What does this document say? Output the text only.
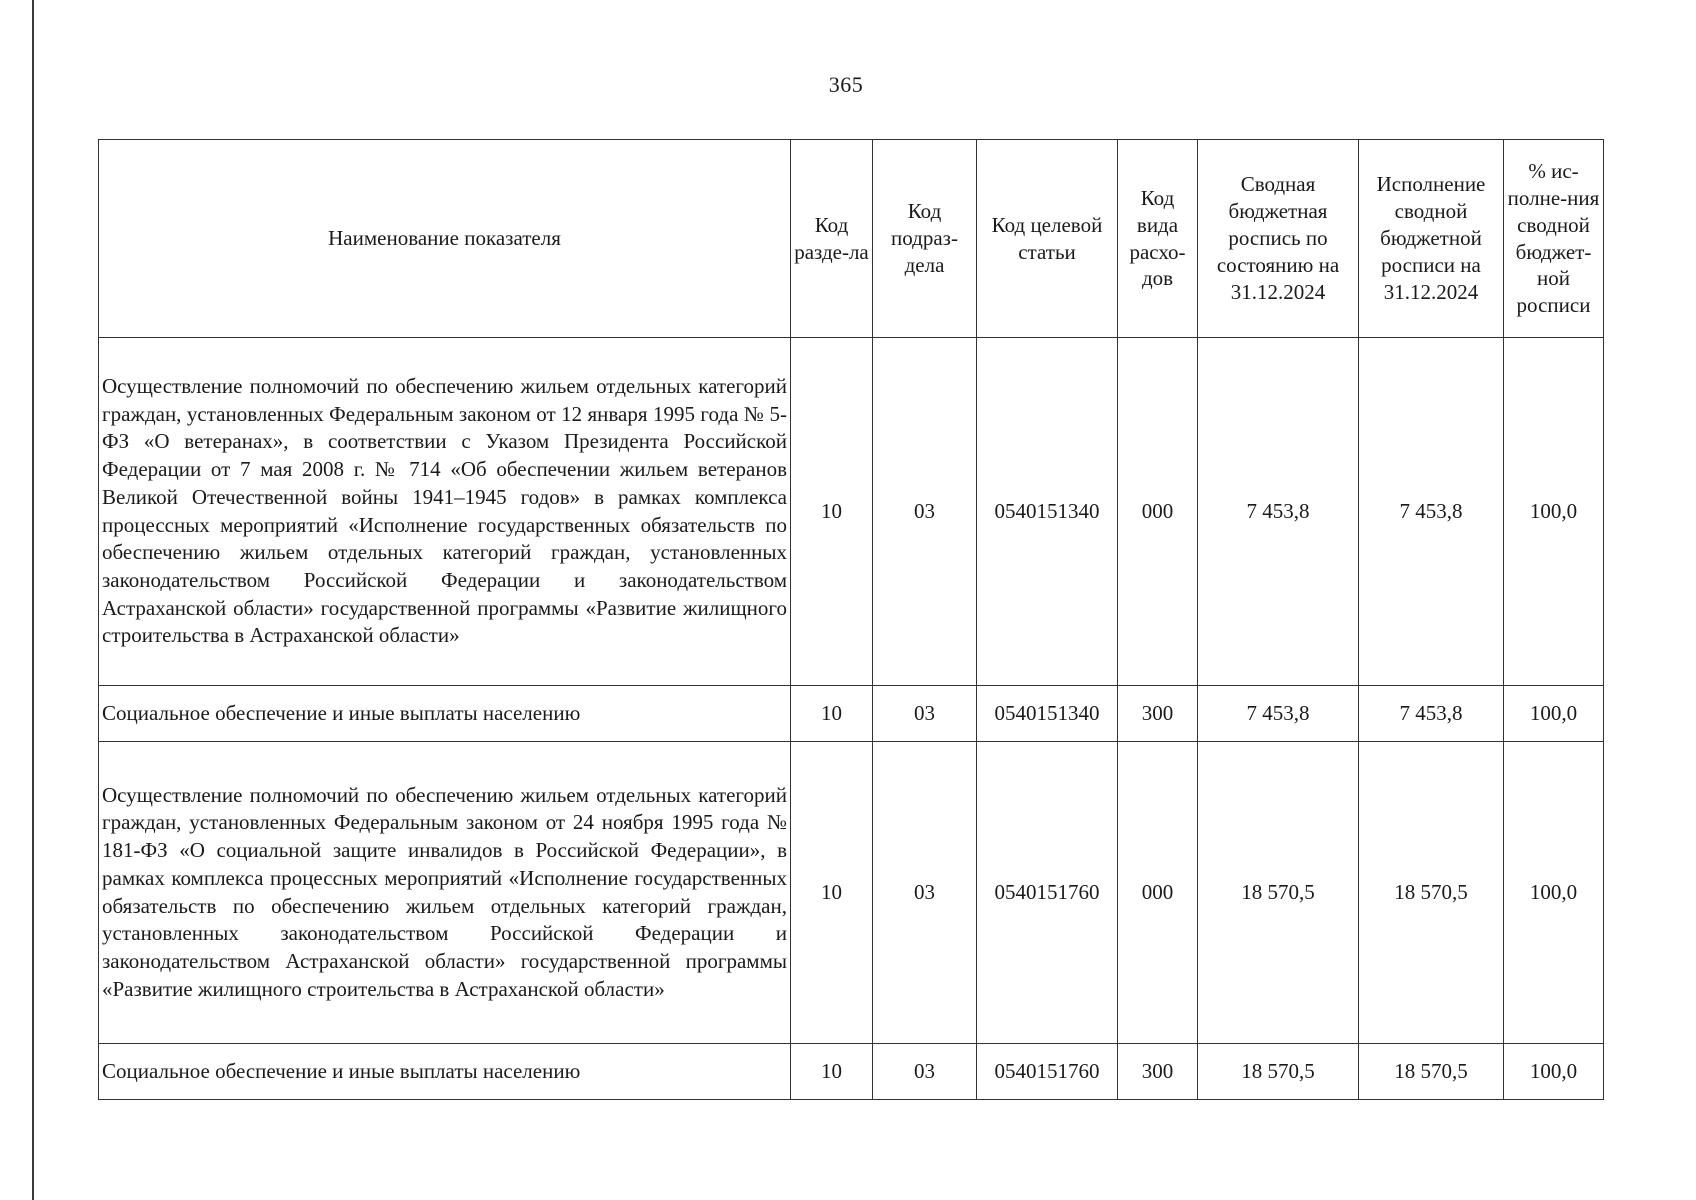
365
Наименование показателя	Код разде-ла	Код подраз-дела	Код целевой статьи	Код вида расхо-дов	Сводная бюджетная роспись по состоянию на 31.12.2024	Исполнение сводной бюджетной росписи на 31.12.2024	% ис-полне-ния сводной бюджет-ной росписи
Осуществление полномочий по обеспечению жильем отдельных категорий граждан, установленных Федеральным законом от 12 января 1995 года № 5-ФЗ «О ветеранах», в соответствии с Указом Президента Российской Федерации от 7 мая 2008 г. № 714 «Об обеспечении жильем ветеранов Великой Отечественной войны 1941–1945 годов» в рамках комплекса процессных мероприятий «Исполнение государственных обязательств по обеспечению жильем отдельных категорий граждан, установленных законодательством Российской Федерации и законодательством Астраханской области» государственной программы «Развитие жилищного строительства в Астраханской области»	10	03	0540151340	000	7 453,8	7 453,8	100,0
Социальное обеспечение и иные выплаты населению	10	03	0540151340	300	7 453,8	7 453,8	100,0
Осуществление полномочий по обеспечению жильем отдельных категорий граждан, установленных Федеральным законом от 24 ноября 1995 года № 181-ФЗ «О социальной защите инвалидов в Российской Федерации», в рамках комплекса процессных мероприятий «Исполнение государственных обязательств по обеспечению жильем отдельных категорий граждан, установленных законодательством Российской Федерации и законодательством Астраханской области» государственной программы «Развитие жилищного строительства в Астраханской области»	10	03	0540151760	000	18 570,5	18 570,5	100,0
Социальное обеспечение и иные выплаты населению	10	03	0540151760	300	18 570,5	18 570,5	100,0
